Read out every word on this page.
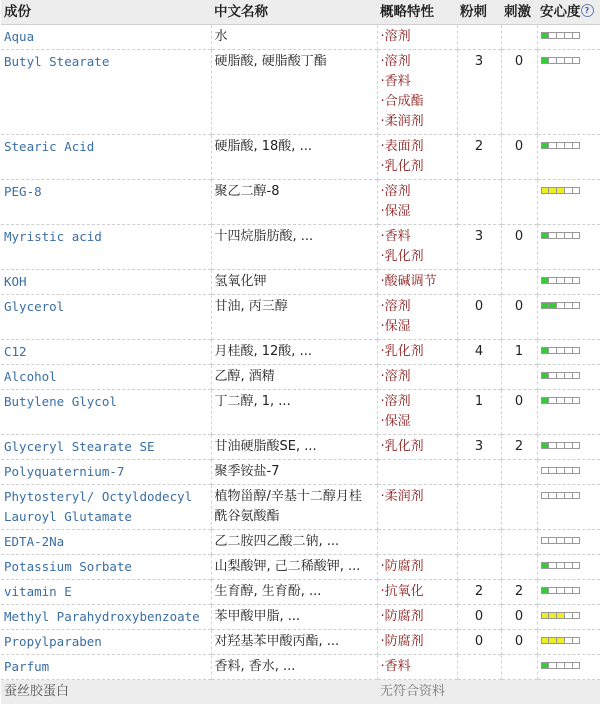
成份	中文名称	概略特性	粉刺	刺激	安心度 ?

Aqua	水	·溶剂			

Butyl Stearate	硬脂酸, 硬脂酸丁酯	·溶剂
·香料
·合成酯
·柔润剂	3	0	

Stearic Acid	硬脂酸, 18酸, ...	·表面剂
·乳化剂	2	0	

PEG-8	聚乙二醇-8	·溶剂
·保湿			

Myristic acid	十四烷脂肪酸, ...	·香料
·乳化剂	3	0	

KOH	氢氧化钾	·酸碱调节			

Glycerol	甘油, 丙三醇	·溶剂
·保湿	0	0	

C12	月桂酸, 12酸, ...	·乳化剂	4	1	

Alcohol	乙醇, 酒精	·溶剂			

Butylene Glycol	丁二醇, 1, ...	·溶剂
·保湿	1	0	

Glyceryl Stearate SE	甘油硬脂酸SE, ...	·乳化剂	3	2	

Polyquaternium-7	聚季铵盐-7				

Phytosteryl/ Octyldodecyl Lauroyl Glutamate	植物甾醇/辛基十二醇月桂酰谷氨酸酯	·柔润剂			

EDTA-2Na	乙二胺四乙酸二钠, ...				

Potassium Sorbate	山梨酸钾, 己二稀酸钾, ...	·防腐剂			

vitamin E	生育醇, 生育酚, ...	·抗氧化	2	2	

Methyl Parahydroxybenzoate	苯甲酸甲脂, ...	·防腐剂	0	0	

Propylparaben	对羟基苯甲酸丙酯, ...	·防腐剂	0	0	

Parfum	香料, 香水, ...	·香料			

蚕丝胶蛋白		无符合资料			
